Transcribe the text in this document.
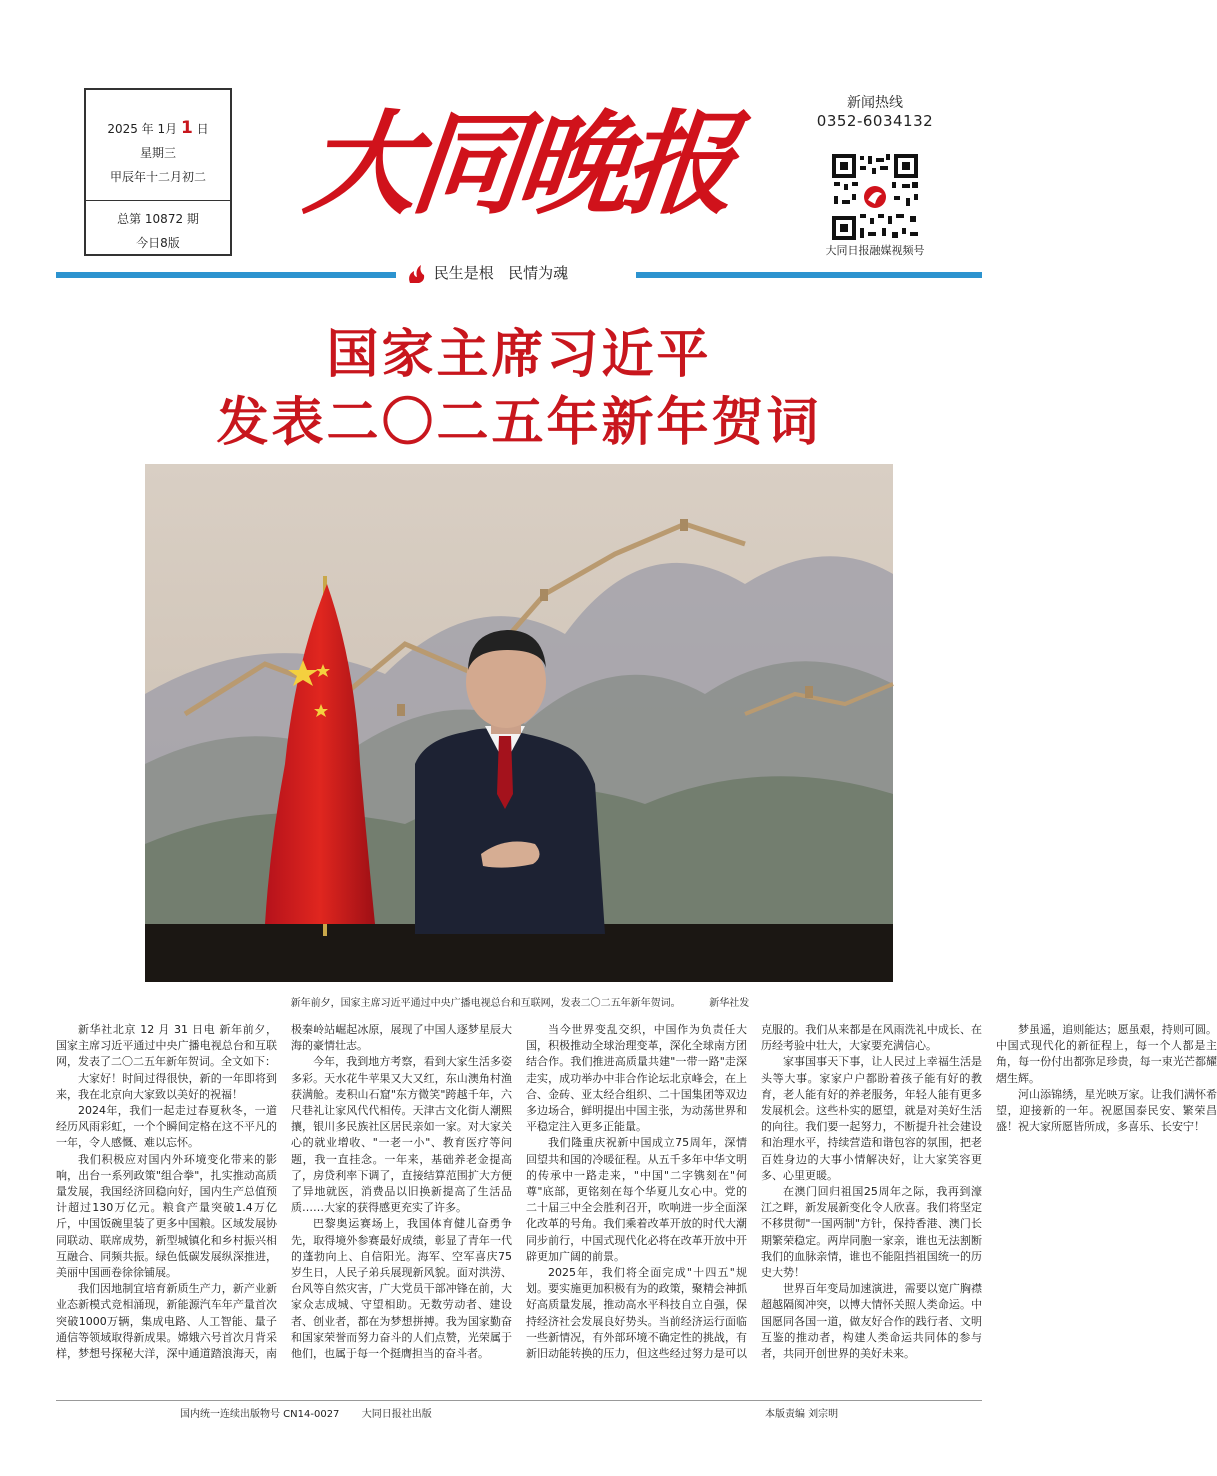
2025 年 1月 1 日
星期三
甲辰年十二月初二
总第 10872 期
今日8版
大同晚报	新闻热线
0352-6034132
大同日报融媒视频号
民生是根   民情为魂
国家主席习近平
发表二〇二五年新年贺词
新年前夕，国家主席习近平通过中央广播电视总台和互联网，发表二〇二五年新年贺词。	新华社发

新华社北京 12 月 31 日电 新年前夕，国家主席习近平通过中央广播电视总台和互联网，发表了二〇二五年新年贺词。全文如下：

大家好！时间过得很快，新的一年即将到来，我在北京向大家致以美好的祝福！

2024年，我们一起走过春夏秋冬，一道经历风雨彩虹，一个个瞬间定格在这不平凡的一年，令人感慨、难以忘怀。

我们积极应对国内外环境变化带来的影响，出台一系列政策"组合拳"，扎实推动高质量发展，我国经济回稳向好，国内生产总值预计超过130万亿元。粮食产量突破1.4万亿斤，中国饭碗里装了更多中国粮。区域发展协同联动、联席成势，新型城镇化和乡村振兴相互融合、同频共振。绿色低碳发展纵深推进，美丽中国画卷徐徐铺展。

我们因地制宜培育新质生产力，新产业新业态新模式竞相涌现，新能源汽车年产量首次突破1000万辆，集成电路、人工智能、量子通信等领域取得新成果。嫦娥六号首次月背采样，梦想号探秘大洋，深中通道踏浪海天，南极秦岭站崛起冰原，展现了中国人逐梦星辰大海的豪情壮志。

今年，我到地方考察，看到大家生活多姿多彩。天水花牛苹果又大又红，东山澳角村渔获满舱。麦积山石窟"东方微笑"跨越千年，六尺巷礼让家风代代相传。天津古文化街人潮熙攘，银川多民族社区居民亲如一家。对大家关心的就业增收、"一老一小"、教育医疗等问题，我一直挂念。一年来，基础养老金提高了，房贷利率下调了，直接结算范围扩大方便了异地就医，消费品以旧换新提高了生活品质……大家的获得感更充实了许多。

巴黎奥运赛场上，我国体育健儿奋勇争先，取得境外参赛最好成绩，彰显了青年一代的蓬勃向上、自信阳光。海军、空军喜庆75岁生日，人民子弟兵展现新风貌。面对洪涝、台风等自然灾害，广大党员干部冲锋在前，大家众志成城、守望相助。无数劳动者、建设者、创业者，都在为梦想拼搏。我为国家勤奋和国家荣誉而努力奋斗的人们点赞，光荣属于他们，也属于每一个挺膺担当的奋斗者。

当今世界变乱交织，中国作为负责任大国，积极推动全球治理变革，深化全球南方团结合作。我们推进高质量共建"一带一路"走深走实，成功举办中非合作论坛北京峰会，在上合、金砖、亚太经合组织、二十国集团等双边多边场合，鲜明提出中国主张，为动荡世界和平稳定注入更多正能量。

我们隆重庆祝新中国成立75周年，深情回望共和国的冷暖征程。从五千多年中华文明的传承中一路走来，"中国"二字镌刻在"何尊"底部，更铭刻在每个华夏儿女心中。党的二十届三中全会胜利召开，吹响进一步全面深化改革的号角。我们乘着改革开放的时代大潮同步前行，中国式现代化必将在改革开放中开辟更加广阔的前景。

2025年，我们将全面完成"十四五"规划。要实施更加积极有为的政策，聚精会神抓好高质量发展，推动高水平科技自立自强，保持经济社会发展良好势头。当前经济运行面临一些新情况，有外部环境不确定性的挑战，有新旧动能转换的压力，但这些经过努力是可以克服的。我们从来都是在风雨洗礼中成长、在历经考验中壮大，大家要充满信心。

家事国事天下事，让人民过上幸福生活是头等大事。家家户户都盼着孩子能有好的教育，老人能有好的养老服务，年轻人能有更多发展机会。这些朴实的愿望，就是对美好生活的向往。我们要一起努力，不断提升社会建设和治理水平，持续营造和谐包容的氛围，把老百姓身边的大事小情解决好，让大家笑容更多、心里更暖。

在澳门回归祖国25周年之际，我再到濠江之畔，新发展新变化令人欣喜。我们将坚定不移贯彻"一国两制"方针，保持香港、澳门长期繁荣稳定。两岸同胞一家亲，谁也无法割断我们的血脉亲情，谁也不能阻挡祖国统一的历史大势！

世界百年变局加速演进，需要以宽广胸襟超越隔阂冲突，以博大情怀关照人类命运。中国愿同各国一道，做友好合作的践行者、文明互鉴的推动者，构建人类命运共同体的参与者，共同开创世界的美好未来。

梦虽遥，追则能达；愿虽艰，持则可圆。中国式现代化的新征程上，每一个人都是主角，每一份付出都弥足珍贵，每一束光芒都耀熠生辉。

河山添锦绣，星光映万家。让我们满怀希望，迎接新的一年。祝愿国泰民安、繁荣昌盛！祝大家所愿皆所成，多喜乐、长安宁！

国内统一连续出版物号 CN14-0027 大同日报社出版	本版责编 刘宗明
